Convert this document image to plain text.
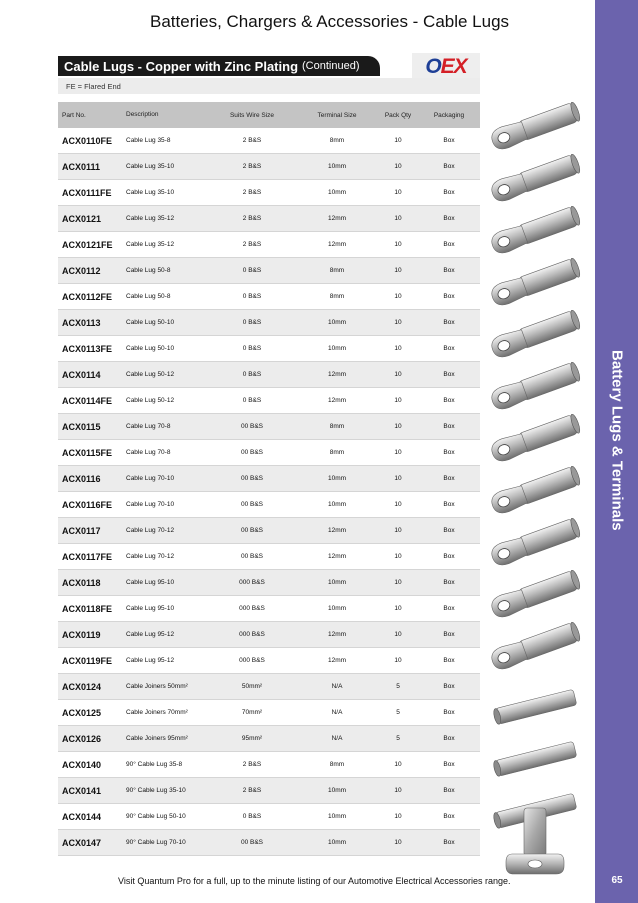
Batteries, Chargers & Accessories - Cable Lugs
Battery Lugs & Terminals
65
Cable Lugs - Copper with Zinc Plating (Continued)	O EX
FE = Flared End
Part No.	Description	Suits Wire Size	Terminal Size	Pack Qty	Packaging
ACX0110FE	Cable Lug 35-8	2 B&S	8mm	10	Box
ACX0111	Cable Lug 35-10	2 B&S	10mm	10	Box
ACX0111FE	Cable Lug 35-10	2 B&S	10mm	10	Box
ACX0121	Cable Lug 35-12	2 B&S	12mm	10	Box
ACX0121FE	Cable Lug 35-12	2 B&S	12mm	10	Box
ACX0112	Cable Lug 50-8	0 B&S	8mm	10	Box
ACX0112FE	Cable Lug 50-8	0 B&S	8mm	10	Box
ACX0113	Cable Lug 50-10	0 B&S	10mm	10	Box
ACX0113FE	Cable Lug 50-10	0 B&S	10mm	10	Box
ACX0114	Cable Lug 50-12	0 B&S	12mm	10	Box
ACX0114FE	Cable Lug 50-12	0 B&S	12mm	10	Box
ACX0115	Cable Lug 70-8	00 B&S	8mm	10	Box
ACX0115FE	Cable Lug 70-8	00 B&S	8mm	10	Box
ACX0116	Cable Lug 70-10	00 B&S	10mm	10	Box
ACX0116FE	Cable Lug 70-10	00 B&S	10mm	10	Box
ACX0117	Cable Lug 70-12	00 B&S	12mm	10	Box
ACX0117FE	Cable Lug 70-12	00 B&S	12mm	10	Box
ACX0118	Cable Lug 95-10	000 B&S	10mm	10	Box
ACX0118FE	Cable Lug 95-10	000 B&S	10mm	10	Box
ACX0119	Cable Lug 95-12	000 B&S	12mm	10	Box
ACX0119FE	Cable Lug 95-12	000 B&S	12mm	10	Box
ACX0124	Cable Joiners 50mm²	50mm²	N/A	5	Box
ACX0125	Cable Joiners 70mm²	70mm²	N/A	5	Box
ACX0126	Cable Joiners 95mm²	95mm²	N/A	5	Box
ACX0140	90° Cable Lug 35-8	2 B&S	8mm	10	Box
ACX0141	90° Cable Lug 35-10	2 B&S	10mm	10	Box
ACX0144	90° Cable Lug 50-10	0 B&S	10mm	10	Box
ACX0147	90° Cable Lug 70-10	00 B&S	10mm	10	Box
Visit Quantum Pro for a full, up to the minute listing of our Automotive Electrical Accessories range.
